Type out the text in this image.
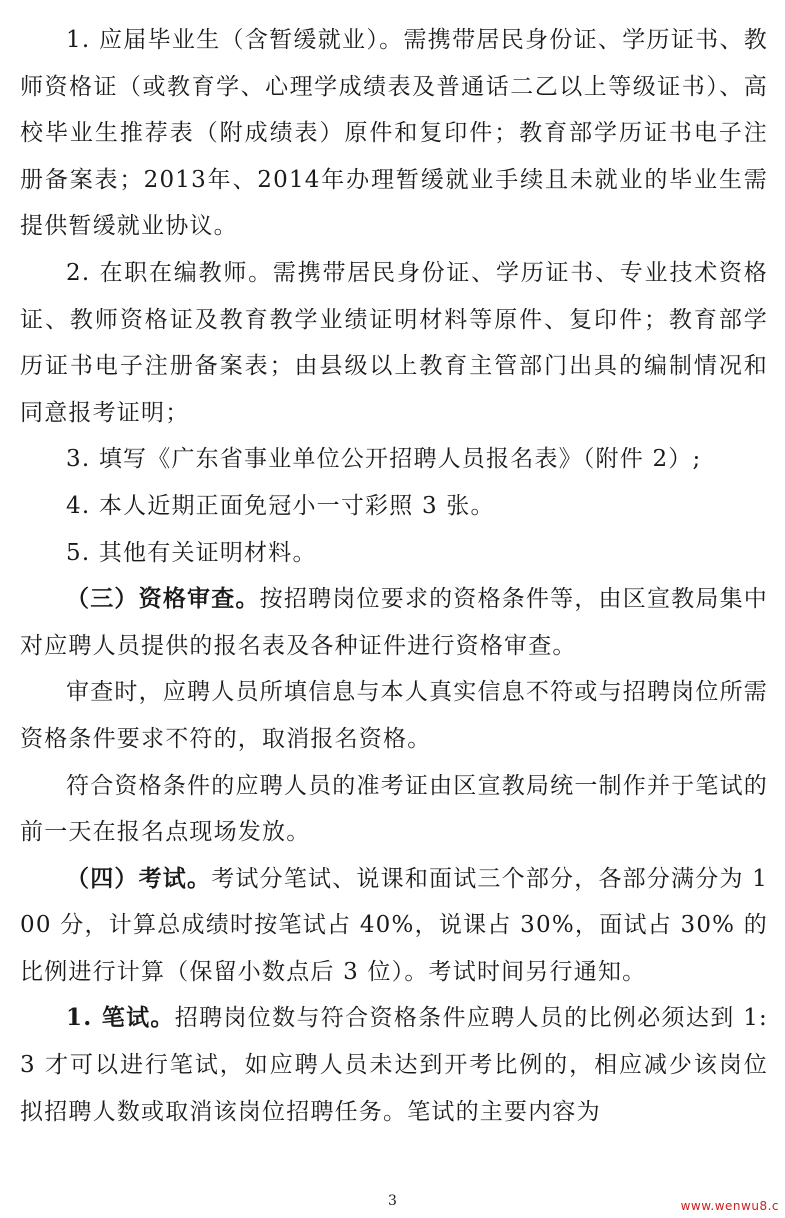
1. 应届毕业生（含暂缓就业）。需携带居民身份证、学历证书、教师资格证（或教育学、心理学成绩表及普通话二乙以上等级证书）、高校毕业生推荐表（附成绩表）原件和复印件；教育部学历证书电子注册备案表；2013年、2014年办理暂缓就业手续且未就业的毕业生需提供暂缓就业协议。

2. 在职在编教师。需携带居民身份证、学历证书、专业技术资格证、教师资格证及教育教学业绩证明材料等原件、复印件；教育部学历证书电子注册备案表；由县级以上教育主管部门出具的编制情况和同意报考证明；

3. 填写《广东省事业单位公开招聘人员报名表》（附件 2）;

4. 本人近期正面免冠小一寸彩照 3 张。

5. 其他有关证明材料。

（三）资格审查。按招聘岗位要求的资格条件等，由区宣教局集中对应聘人员提供的报名表及各种证件进行资格审查。

审查时，应聘人员所填信息与本人真实信息不符或与招聘岗位所需资格条件要求不符的，取消报名资格。

符合资格条件的应聘人员的准考证由区宣教局统一制作并于笔试的前一天在报名点现场发放。

（四）考试。考试分笔试、说课和面试三个部分，各部分满分为 100 分，计算总成绩时按笔试占 40%，说课占 30%，面试占 30% 的比例进行计算（保留小数点后 3 位）。考试时间另行通知。

1. 笔试。招聘岗位数与符合资格条件应聘人员的比例必须达到 1: 3 才可以进行笔试，如应聘人员未达到开考比例的，相应减少该岗位拟招聘人数或取消该岗位招聘任务。笔试的主要内容为

3	www.wenwu8.c
